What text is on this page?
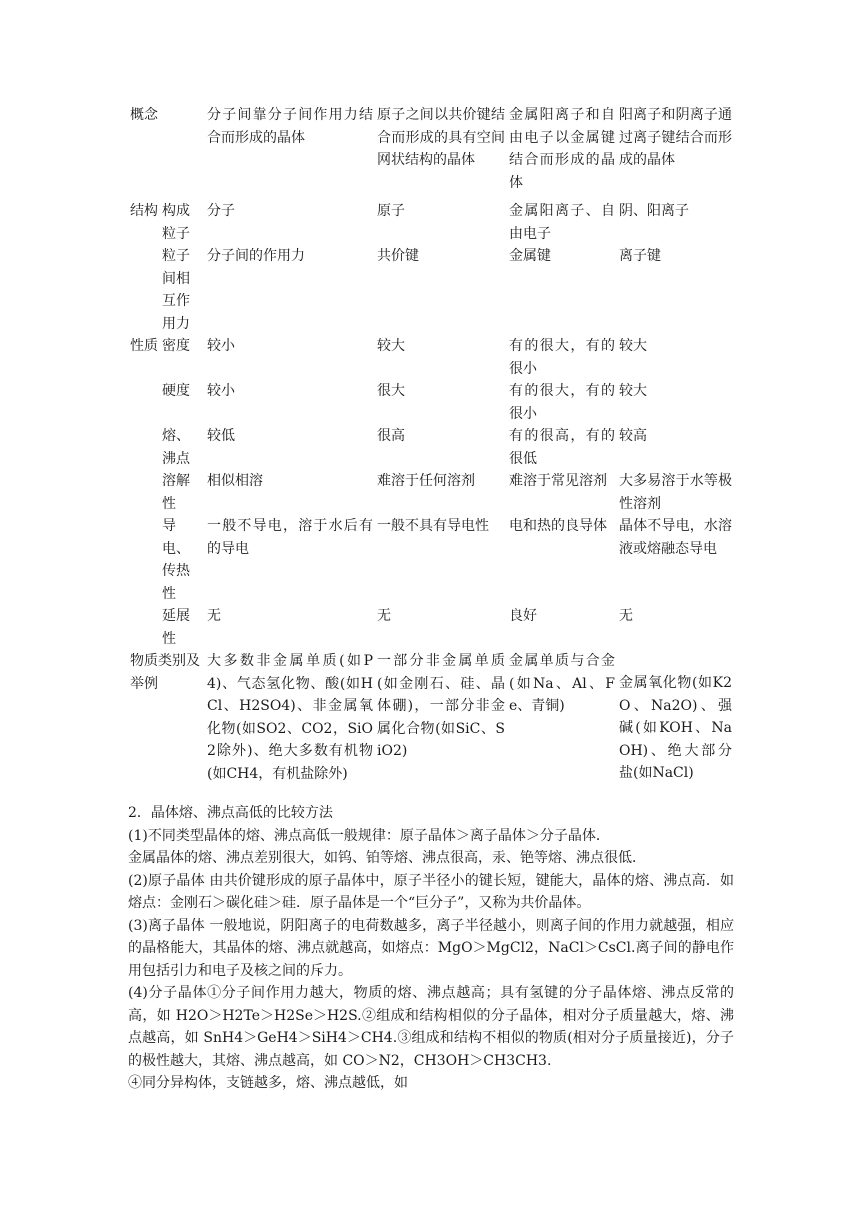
概念		分子间靠分子间作用力结合而形成的晶体	原子之间以共价键结合而形成的具有空间网状结构的晶体	金属阳离子和自由电子以金属键结合而形成的晶体	阳离子和阴离子通过离子键结合而形成的晶体
结构	构成粒子	分子	原子	金属阳离子、自由电子	阴、阳离子
	粒子间相互作用力	分子间的作用力	共价键	金属键	离子键
性质	密度	较小	较大	有的很大，有的很小	较大
	硬度	较小	很大	有的很大，有的很小	较大
	熔、沸点	较低	很高	有的很高，有的很低	较高
	溶解性	相似相溶	难溶于任何溶剂	难溶于常见溶剂	大多易溶于水等极性溶剂
	导电、传热性	一般不导电，溶于水后有的导电	一般不具有导电性	电和热的良导体	晶体不导电，水溶液或熔融态导电
	延展性	无	无	良好	无
物质类别及举例		大多数非金属单质(如P4)、气态氢化物、酸(如HCl、H2SO4)、非金属氧化物(如SO2、CO2，SiO2除外)、绝大多数有机物(如CH4，有机盐除外)	一部分非金属单质(如金刚石、硅、晶体硼)，一部分非金属化合物(如SiC、SiO2)	金属单质与合金(如Na、Al、Fe、青铜)	金属氧化物(如K2O、Na2O)、强碱(如KOH、NaOH)、绝大部分盐(如NaCl)

2．晶体熔、沸点高低的比较方法

(1)不同类型晶体的熔、沸点高低一般规律：原子晶体＞离子晶体＞分子晶体．

金属晶体的熔、沸点差别很大，如钨、铂等熔、沸点很高，汞、铯等熔、沸点很低．

(2)原子晶体 由共价键形成的原子晶体中，原子半径小的键长短，键能大，晶体的熔、沸点高．如熔点：金刚石＞碳化硅＞硅．原子晶体是一个“巨分子”，又称为共价晶体。

(3)离子晶体 一般地说，阴阳离子的电荷数越多，离子半径越小，则离子间的作用力就越强，相应的晶格能大，其晶体的熔、沸点就越高，如熔点：MgO＞MgCl2，NaCl＞CsCl.离子间的静电作用包括引力和电子及核之间的斥力。

(4)分子晶体①分子间作用力越大，物质的熔、沸点越高；具有氢键的分子晶体熔、沸点反常的高，如 H2O＞H2Te＞H2Se＞H2S.②组成和结构相似的分子晶体，相对分子质量越大，熔、沸点越高，如 SnH4＞GeH4＞SiH4＞CH4.③组成和结构不相似的物质(相对分子质量接近)，分子的极性越大，其熔、沸点越高，如 CO＞N2，CH3OH＞CH3CH3.

④同分异构体，支链越多，熔、沸点越低，如
